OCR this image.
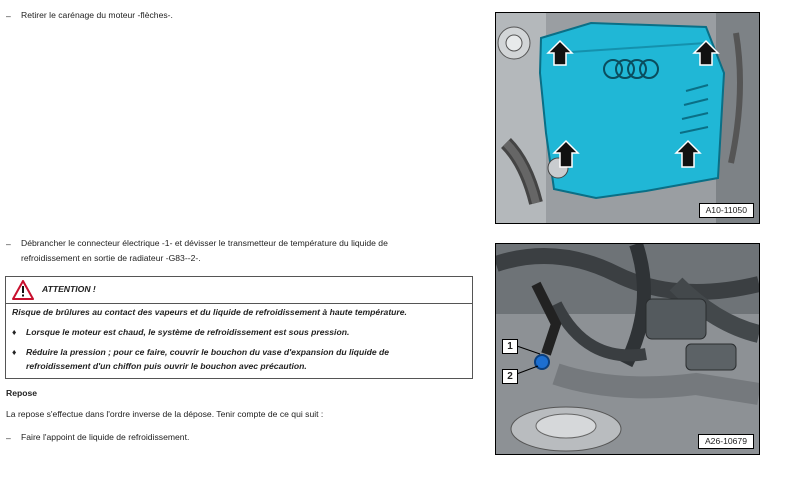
– Retirer le carénage du moteur -flèches-.
A10-11050
– Débrancher le connecteur électrique -1- et dévisser le transmetteur de température du liquide de
refroidissement en sortie de radiateur -G83--2-.
ATTENTION !
Risque de brûlures au contact des vapeurs et du liquide de refroidissement à haute température.
♦ Lorsque le moteur est chaud, le système de refroidissement est sous pression.
♦ Réduire la pression ; pour ce faire, couvrir le bouchon du vase d'expansion du liquide de
refroidissement d'un chiffon puis ouvrir le bouchon avec précaution.
Repose
La repose s'effectue dans l'ordre inverse de la dépose. Tenir compte de ce qui suit :
– Faire l'appoint de liquide de refroidissement.
1
2
A26-10679
